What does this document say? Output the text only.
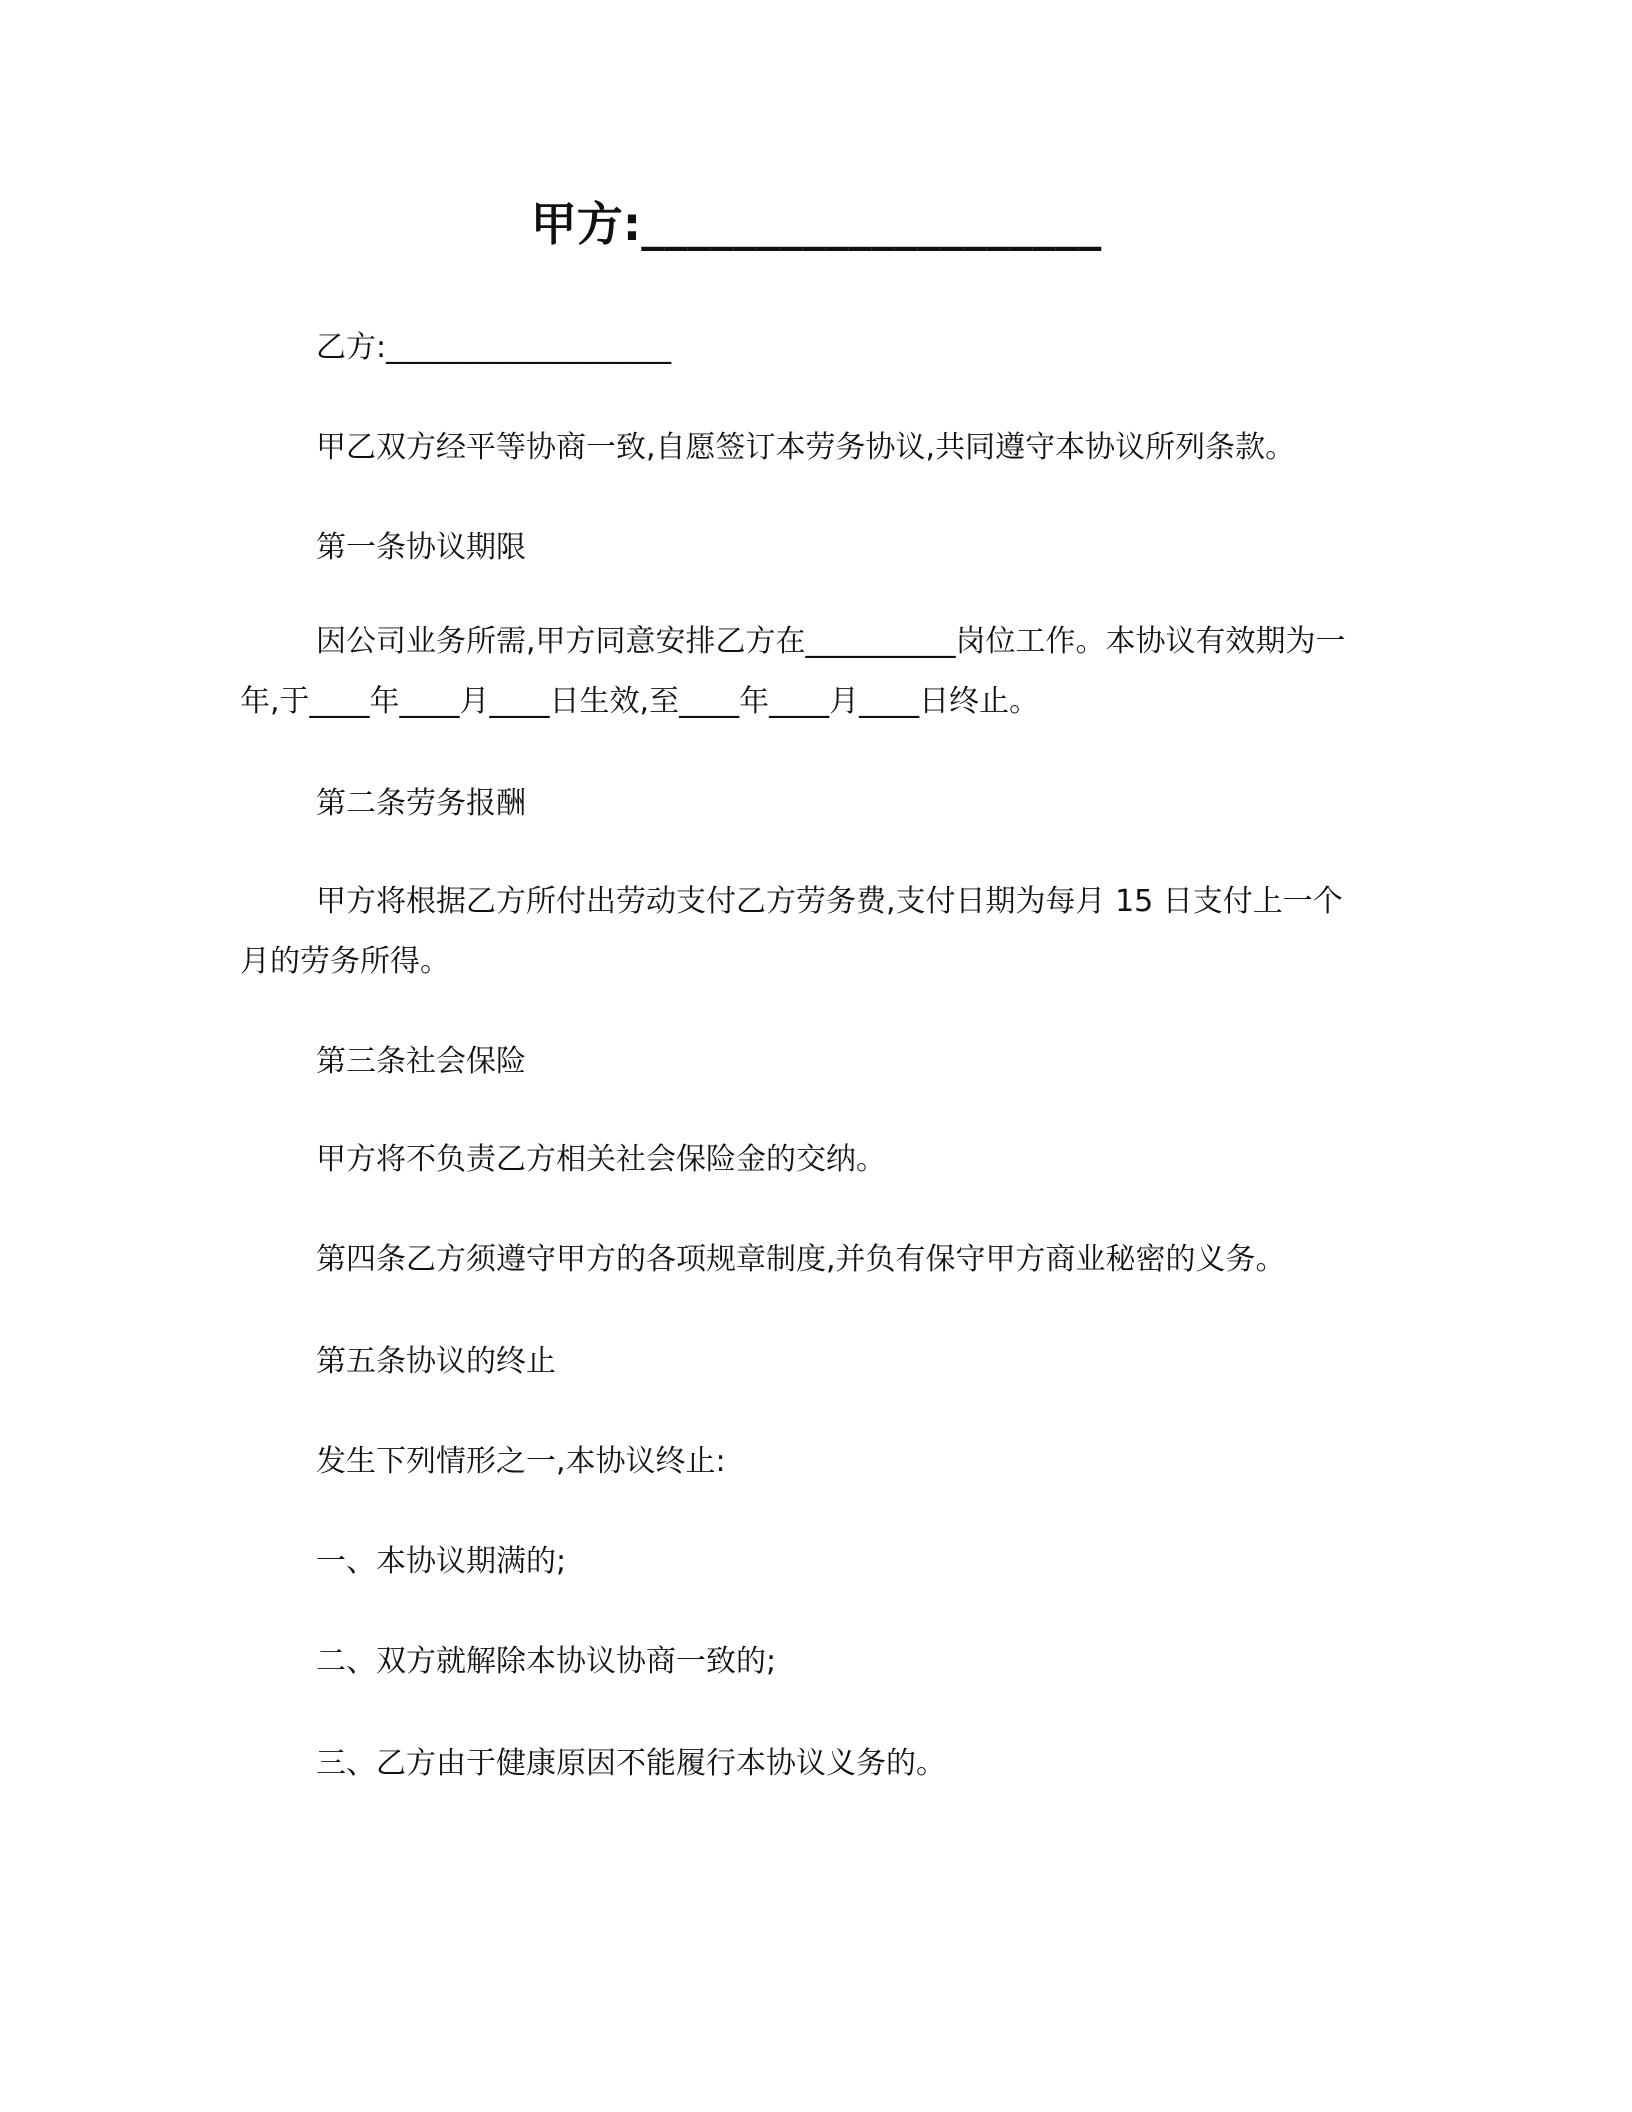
甲方:____________________
乙方:___________________
甲乙双方经平等协商一致,自愿签订本劳务协议,共同遵守本协议所列条款。
第一条协议期限
因公司业务所需,甲方同意安排乙方在__________岗位工作。本协议有效期为一年,于____年____月____日生效,至____年____月____日终止。
第二条劳务报酬
甲方将根据乙方所付出劳动支付乙方劳务费,支付日期为每月 15 日支付上一个月的劳务所得。
第三条社会保险
甲方将不负责乙方相关社会保险金的交纳。
第四条乙方须遵守甲方的各项规章制度,并负有保守甲方商业秘密的义务。
第五条协议的终止
发生下列情形之一,本协议终止:
一、本协议期满的;
二、双方就解除本协议协商一致的;
三、乙方由于健康原因不能履行本协议义务的。
